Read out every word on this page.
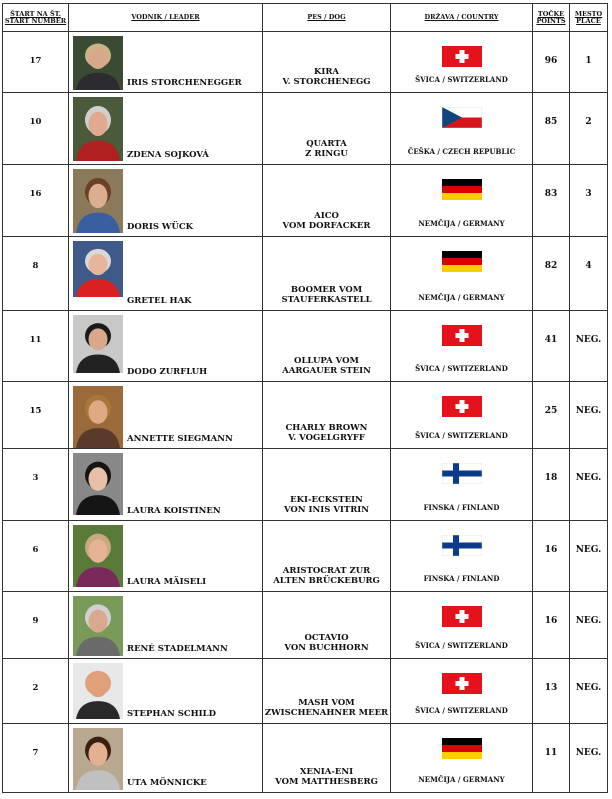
ŠTART NA ŠT.
START NUMBER	VODNIK / LEADER	PES / DOG	DRŽAVA / COUNTRY	TOČKE
POINTS	MESTO
PLACE

17	IRIS STORCHENEGGER	KIRA
V. STORCHENEGG	ŠVICA / SWITZERLAND	96	1
10	ZDENA SOJKOVÁ	QUARTA
Z RINGU	ČEŠKA / CZECH REPUBLIC	85	2
16	DORIS WÜCK	AICO
VOM DORFACKER	NEMČIJA / GERMANY	83	3
8	GRETEL HAK	BOOMER VOM
STAUFERKASTELL	NEMČIJA / GERMANY	82	4
11	DODO ZURFLUH	OLLUPA VOM
AARGAUER STEIN	ŠVICA / SWITZERLAND	41	NEG.
15	ANNETTE SIEGMANN	CHARLY BROWN
V. VOGELGRYFF	ŠVICA / SWITZERLAND	25	NEG.
3	LAURA KOISTINEN	EKI-ECKSTEIN
VON INIS VITRIN	FINSKA / FINLAND	18	NEG.
6	LAURA MÄISELI	ARISTOCRAT ZUR
ALTEN BRÜCKEBURG	FINSKA / FINLAND	16	NEG.
9	RENÉ STADELMANN	OCTAVIO
VON BUCHHORN	ŠVICA / SWITZERLAND	16	NEG.
2	STEPHAN SCHILD	MASH VOM
ZWISCHENAHNER MEER	ŠVICA / SWITZERLAND	13	NEG.
7	UTA MÖNNICKE	XENIA-ENI
VOM MATTHESBERG	NEMČIJA / GERMANY	11	NEG.
